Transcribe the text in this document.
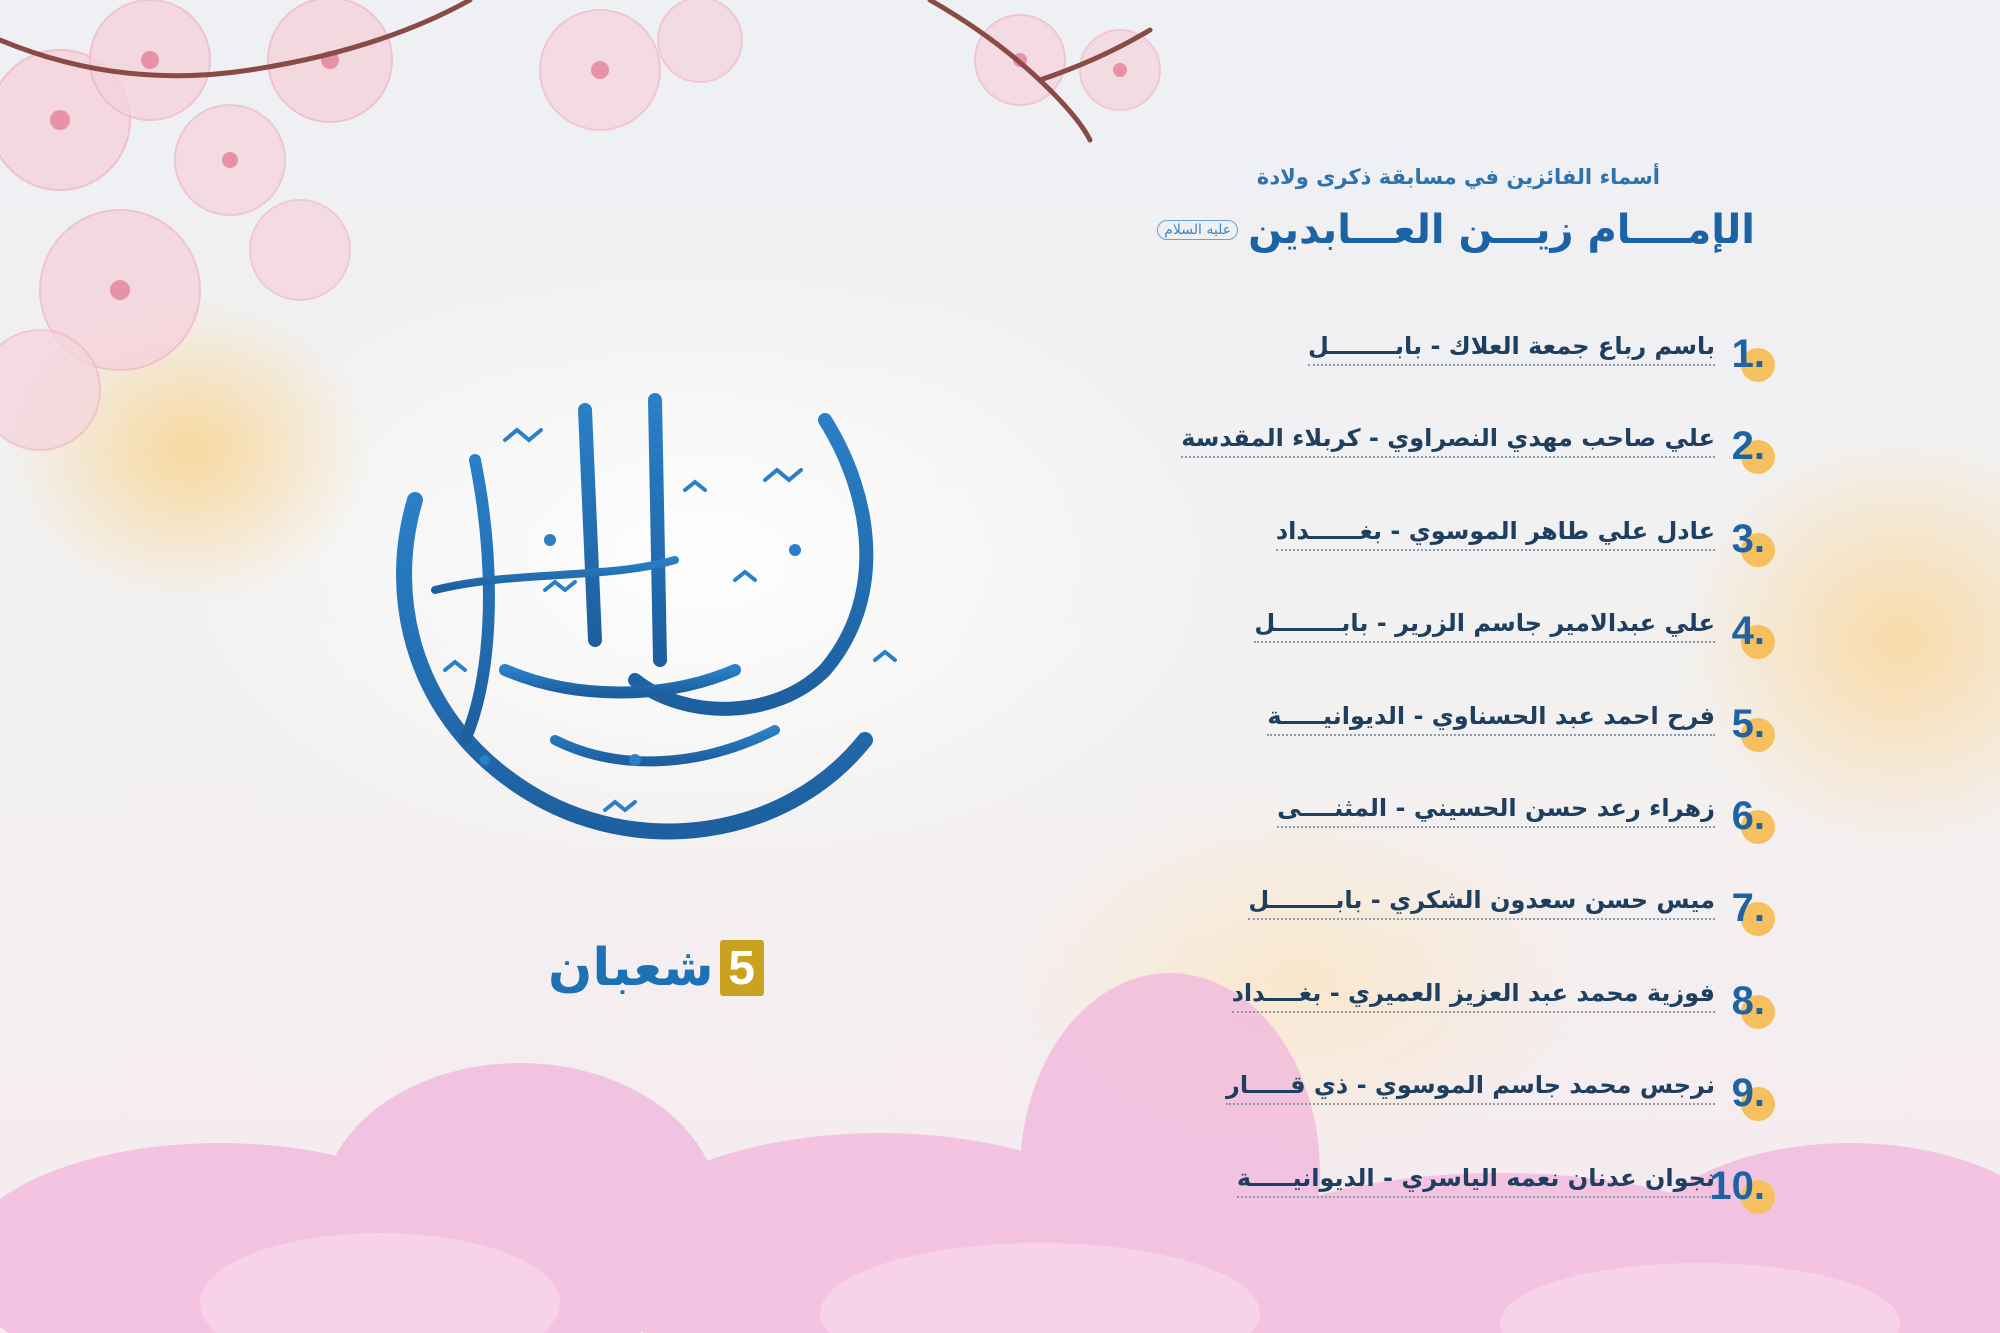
5
شعبان
أسماء الفائزين في مسابقة ذكرى ولادة
الإمــــام زيـــن العـــابدين
عليه السلام
1.
باسم رباع جمعة العلاك - بابــــــــل
2.
علي صاحب مهدي النصراوي - كربلاء المقدسة
3.
عادل علي طاهر الموسوي - بغــــــداد
4.
علي عبدالامير جاسم الزرير - بابــــــــل
5.
فرح احمد عبد الحسناوي - الديوانيـــــة
6.
زهراء رعد حسن الحسيني - المثنــــى
7.
ميس حسن سعدون الشكري - بابــــــــل
8.
فوزية محمد عبد العزيز العميري - بغــــداد
9.
نرجس محمد جاسم الموسوي - ذي قـــــار
10.
نجوان عدنان نعمه الياسري - الديوانيـــــة
